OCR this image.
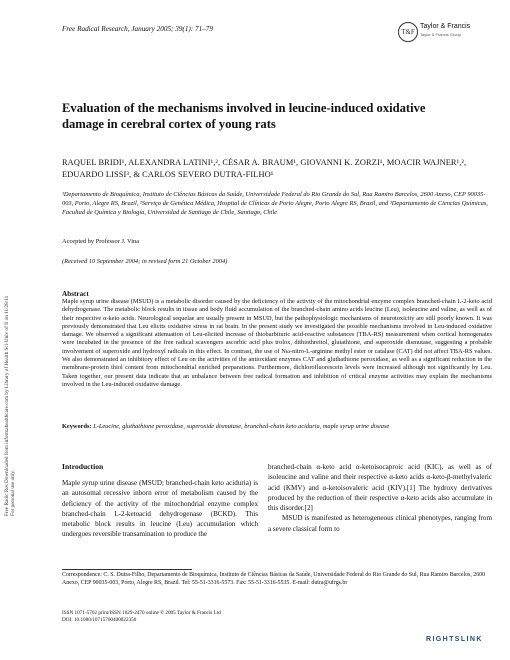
Free Radic Res Downloaded from informahealthcare.com by Library of Health Sci-Univ of Il on 11/28/11 For personal use only.
Free Radical Research, January 2005; 39(1): 71–79	T&F
Taylor & Francis
Taylor & Francis Group
Evaluation of the mechanisms involved in leucine-induced oxidative damage in cerebral cortex of young rats
RAQUEL BRIDI¹, ALEXANDRA LATINI¹,², CÉSAR A. BRAUM¹, GIOVANNI K. ZORZI¹, MOACIR WAJNER¹,², EDUARDO LISSI³, & CARLOS SEVERO DUTRA-FILHO¹
¹Departamento de Bioquímica, Instituto de Ciências Básicas da Saúde, Universidade Federal do Rio Grande do Sul, Rua Ramiro Barcelos, 2600 Anexo, CEP 90035-003, Porto, Alegre RS, Brazil, ²Serviço de Genética Médica, Hospital de Clínicas de Porto Alegre, Porto Alegre RS, Brazil, and ³Departamento de Ciencias Químicas, Facultad de Química y Biología, Universidad de Santiago de Chile, Santiago, Chile
Accepted by Professor J. Vina
(Received 10 September 2004; in revised form 21 October 2004)
Abstract
Maple syrup urine disease (MSUD) is a metabolic disorder caused by the deficiency of the activity of the mitochondrial enzyme complex branched-chain L-2-keto acid dehydrogenase. The metabolic block results in tissue and body fluid accumulation of the branched-chain amino acids leucine (Leu), isoleucine and valine, as well as of their respective α-keto acids. Neurological sequelae are usually present in MSUD, but the pathophysiologic mechanisms of neurotoxicity are still poorly known. It was previously demonstrated that Leu elicits oxidative stress in rat brain. In the present study we investigated the possible mechanisms involved in Leu-induced oxidative damage. We observed a significant attenuation of Leu-elicited increase of thiobarbituric acid-reactive substances (TBA-RS) measurement when cortical homogenates were incubated in the presence of the free radical scavengers ascorbic acid plus trolox, dithiothreitol, glutathione, and superoxide dismutase, suggesting a probable involvement of superoxide and hydroxyl radicals in this effect. In contrast, the use of Nω-nitro-L-arginine methyl ester or catalase (CAT) did not affect TBA-RS values. We also demonstrated an inhibitory effect of Leu on the activities of the antioxidant enzymes CAT and gluthathione peroxidase, as well as a significant reduction in the membrane-protein thiol content from mitochondrial enriched preparations. Furthermore, dichlorofluorescein levels were increased although not significantly by Leu. Taken together, our present data indicate that an unbalance between free radical formation and inhibition of critical enzyme activities may explain the mechanisms involved in the Leu-induced oxidative damage.
Keywords: L-Leucine, gluthathione peroxidase, superoxide dismutase, branched-chain keto aciduria, maple syrup urine disease
Introduction
Maple syrup urine disease (MSUD; branched-chain keto aciduria) is an autosomal recessive inborn error of metabolism caused by the deficiency of the activity of the mitochondrial enzyme complex branched-chain L-2-ketoacid dehydrogenase (BCKD). This metabolic block results in leucine (Leu) accumulation which undergoes reversible transamination to produce the
branched-chain α-keto acid α-ketoisocaproic acid (KIC), as well as of isoleucine and valine and their respective α-keto acids α-keto-β-methylvaleric acid (KMV) and α-ketoisovaleric acid (KIV).[1] The hydroxy derivatives produced by the reduction of their respective α-keto acids also accumulate in this disorder.[2]
MSUD is manifested as heterogeneous clinical phenotypes, ranging from a severe classical form to
Correspondence: C. S. Dutra-Filho, Departamento de Bioquímica, Instituto de Ciências Básicas da Saúde, Universidade Federal do Rio Grande do Sul, Rua Ramiro Barcelos, 2600 Anexo, CEP 90035-003, Porto, Alegre RS, Brazil. Tel: 55-51-3316-5573. Fax: 55-51-3316-5535. E-mail: dutra@ufrgs.br
ISSN 1071-5762 print/ISSN 1029-2470 online © 2005 Taylor & Francis Ltd
DOI: 10.1080/10715760400022350
RIGHTSLINK
